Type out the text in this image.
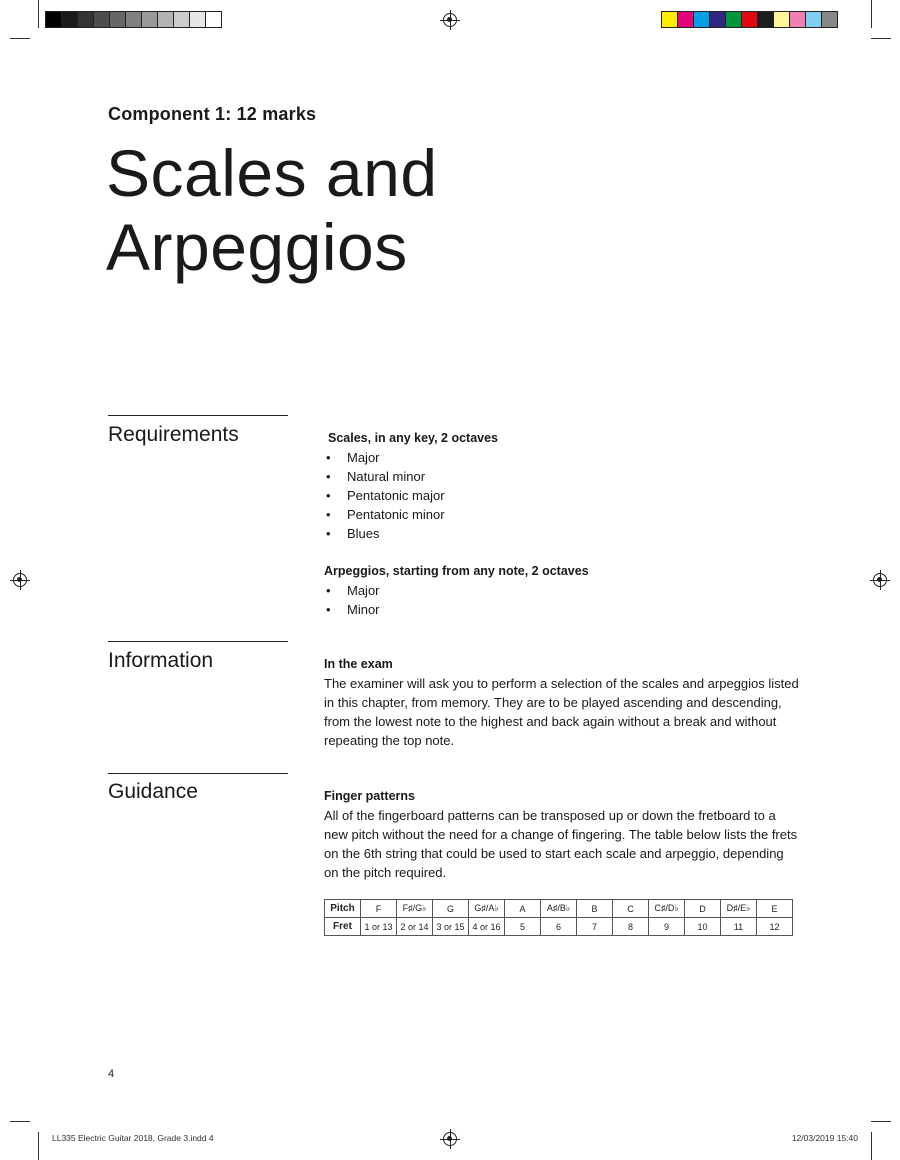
Component 1: 12 marks
Scales and
Arpeggios
Requirements	Scales, in any key, 2 octaves

• Major
• Natural minor
• Pentatonic major
• Pentatonic minor
• Blues

Arpeggios, starting from any note, 2 octaves

• Major
• Minor
Information	In the exam

The examiner will ask you to perform a selection of the scales and arpeggios listed in this chapter, from memory. They are to be played ascending and descending, from the lowest note to the highest and back again without a break and without repeating the top note.

Guidance	Finger patterns

All of the fingerboard patterns can be transposed up or down the fretboard to a new pitch without the need for a change of fingering. The table below lists the frets on the 6th string that could be used to start each scale and arpeggio, depending on the pitch required.

Pitch	F	F♯/G♭	G	G♯/A♭	A	A♯/B♭	B	C	C♯/D♭	D	D♯/E♭	E
Fret	1 or 13	2 or 14	3 or 15	4 or 16	5	6	7	8	9	10	11	12
4
LL335 Electric Guitar 2018, Grade 3.indd 4	12/03/2019 15:40
